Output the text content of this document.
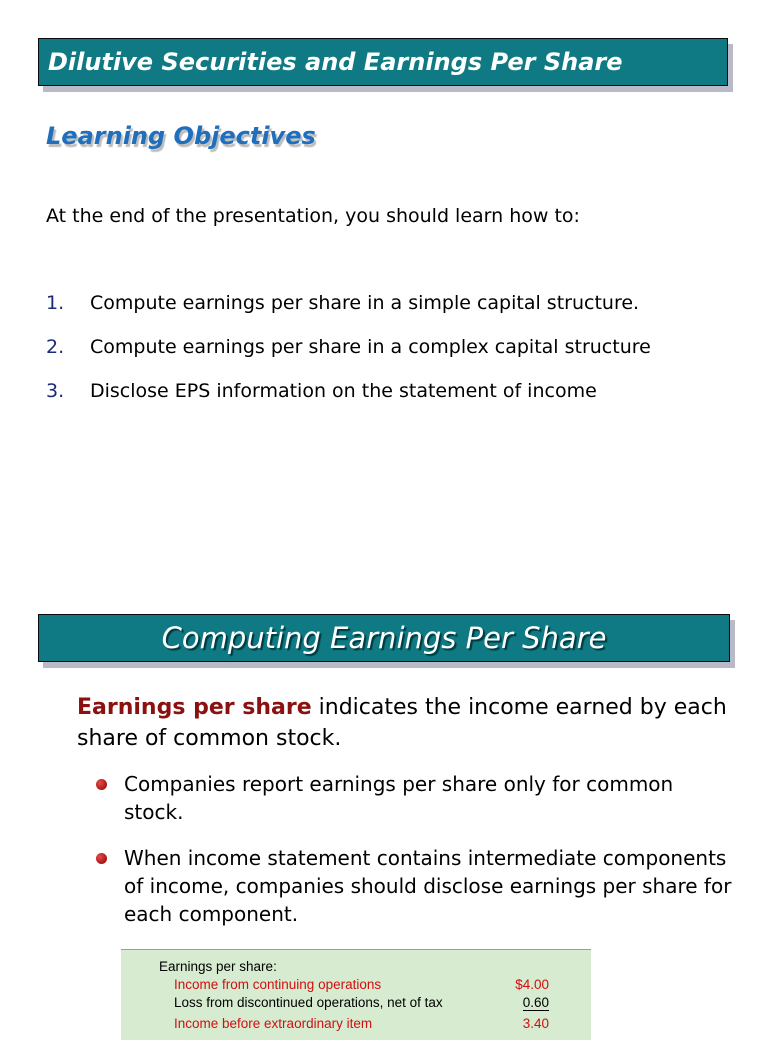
Dilutive Securities and Earnings Per Share
Learning Objectives
At the end of the presentation, you should learn how to:
1.	Compute earnings per share in a simple capital structure.
2.	Compute earnings per share in a complex capital structure
3.	Disclose EPS information on the statement of income
Computing Earnings Per Share
Earnings per share indicates the income earned by each share of common stock.
Companies report earnings per share only for common stock.
When income statement contains intermediate components of income, companies should disclose earnings per share for each component.
Earnings per share:
Income from continuing operations	$4.00
Loss from discontinued operations, net of tax	0.60
Income before extraordinary item	3.40
